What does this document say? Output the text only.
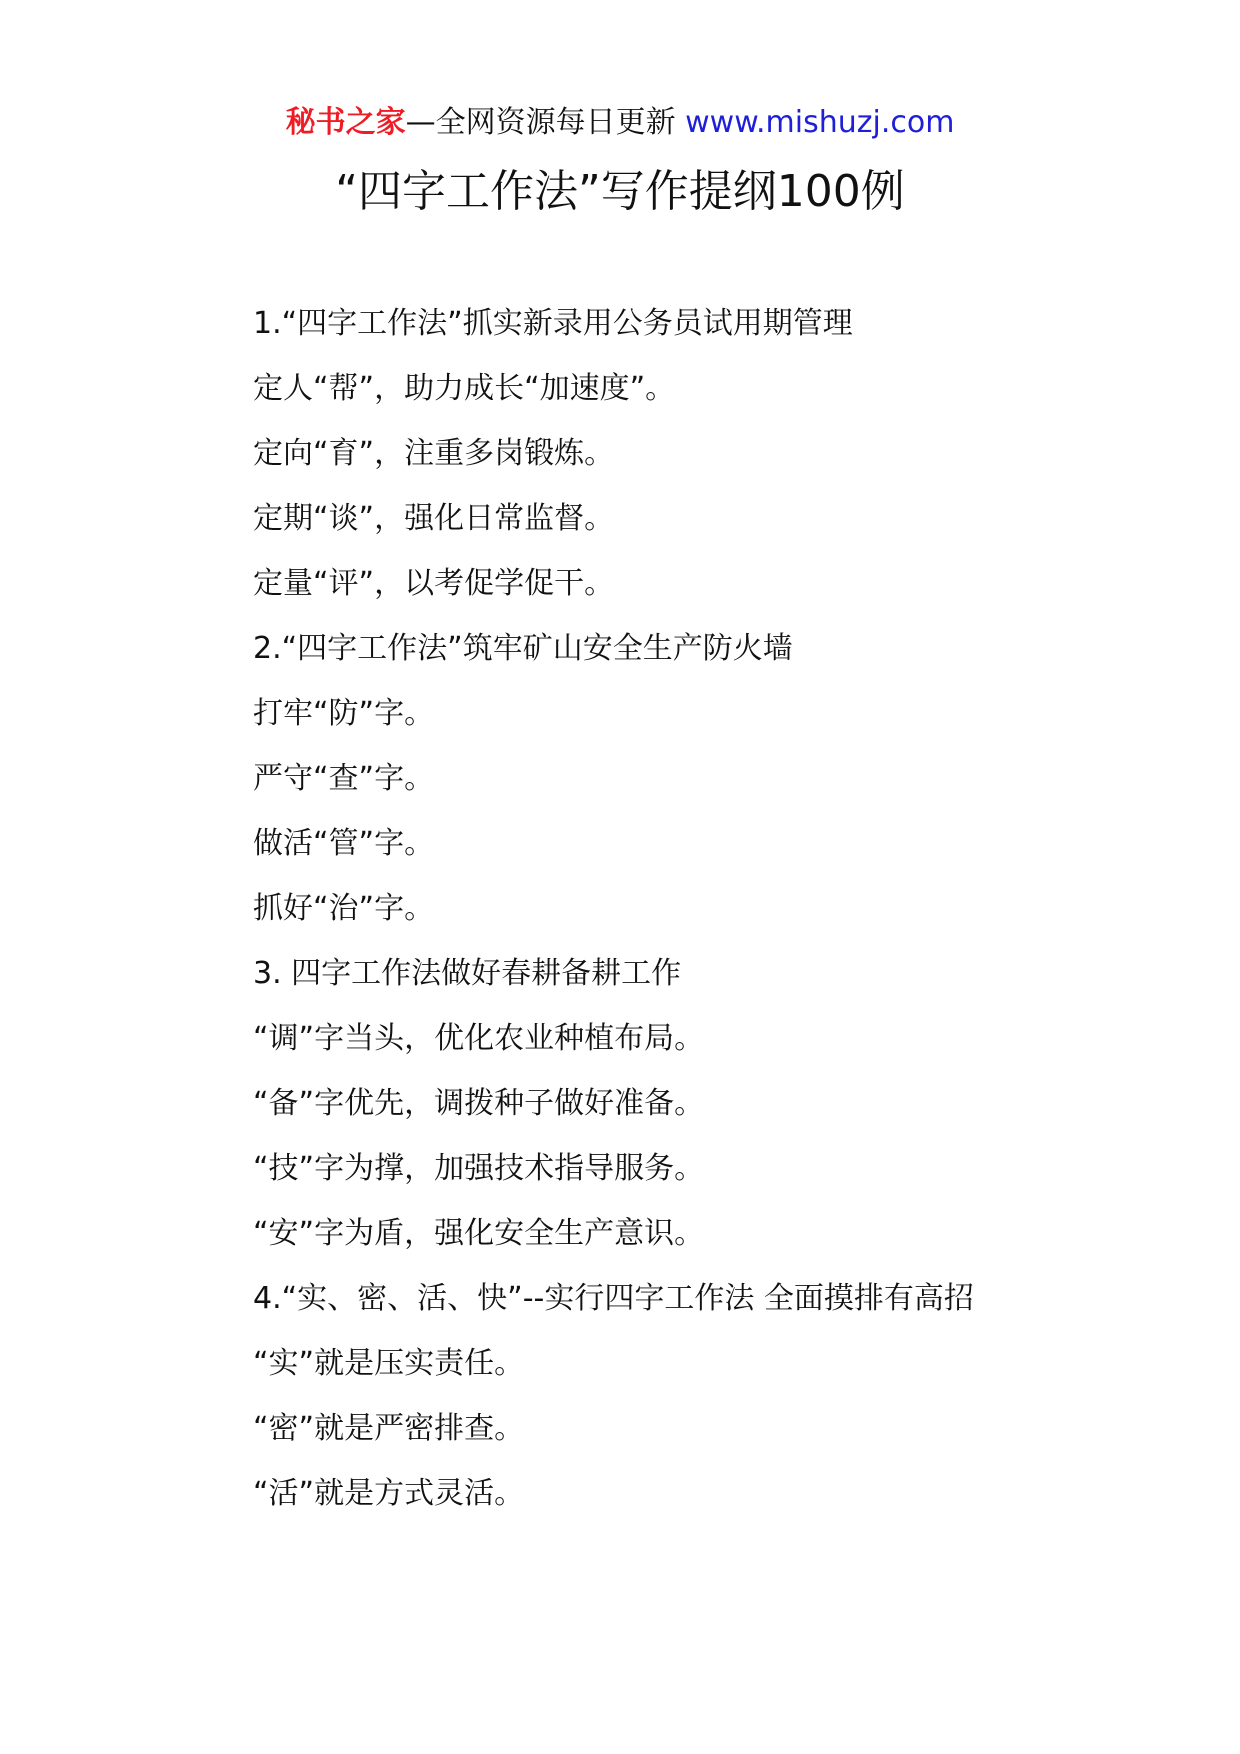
秘书之家—全网资源每日更新 www.mishuzj.com
“四字工作法”写作提纲100例
1.“四字工作法”抓实新录用公务员试用期管理
定人“帮”，助力成长“加速度”。
定向“育”，注重多岗锻炼。
定期“谈”，强化日常监督。
定量“评”，以考促学促干。
2.“四字工作法”筑牢矿山安全生产防火墙
打牢“防”字。
严守“查”字。
做活“管”字。
抓好“治”字。
3. 四字工作法做好春耕备耕工作
“调”字当头，优化农业种植布局。
“备”字优先，调拨种子做好准备。
“技”字为撑，加强技术指导服务。
“安”字为盾，强化安全生产意识。
4.“实、密、活、快”--实行四字工作法 全面摸排有高招
“实”就是压实责任。
“密”就是严密排查。
“活”就是方式灵活。
